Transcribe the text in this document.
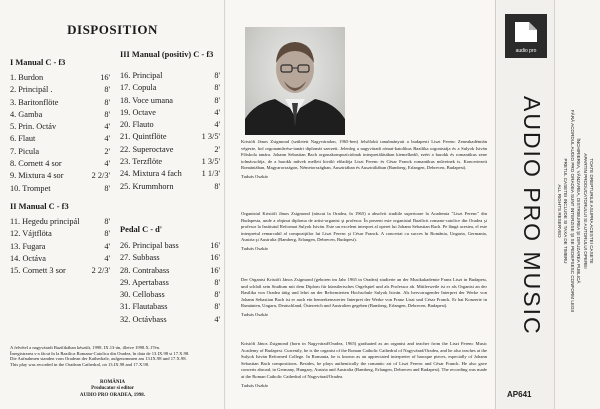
DISPOSITION
I Manual C - f3
1. Burdon	16'
2. Principál .	8'
3. Baritonflöte	8'
4. Gamba	8'
5. Prin. Octáv	4'
6. Flaut	4'
7. Picula	2'
8. Cornett 4 sor	4'
9. Mixtura 4 sor	2 2/3'
10. Trompet	8'
III Manual (positiv) C - f3
16. Principal	8'
17. Copula	8'
18. Voce umana	8'
19. Octave	4'
20. Flauto	4'
21. Quintflöte	1 3/5'
22. Superoctave	2'
23. Terzflöte	1 3/5'
24. Mixtura 4 fach	1 1/3'
25. Krummhorn	8'
II Manual C - f3
11. Hegedu principál	8'
12. Vájtflöta	8'
13. Fugara	4'
14. Octáva	4'
15. Cornett 3 sor	2 2/3'
Pedal C - d'
26. Principal bass	16'
27. Subbass	16'
28. Contrabass	16'
29. Apertabass	8'
30. Cellobass	8'
31. Flautabass	8'
32. Octávbass	4'

A felvétel a nagyváradi Bazilikában készült, 1998. IX.13-án, illetve 1998.X.17én.

Înregistrarea s-a făcut în la Bazilica Romano-Catolica din Oradea, în data de 13.IX.98 si 17.X.98.

Die Aufnahmen standen vom Oradean der Kathedrale, aufgenommen am 13.IX.98 und 17.X.98.

This play was recorded in the Oradean Cathedral, on 13.IX.98 and 17.X.98.

ROMÂNIA
Producator si editor
AUDIO PRO ORADEA, 1998.

Kristófi János Zsigmond (született Nagyváradon, 1965-ben) felsőfokú tanulmányait a budapesti Liszt Ferenc Zeneakadémián végezte, hol orgonaművész-tanári diplomát szerzett. Jelenleg a nagyváradi római-katolikus Bazilika orgonistája és a Sulyok István Főiskola tanára. Johann Sebastian Bach orgonakompozícióinak interpretálásában kiemelkedő, ezért a barokk és romantikus zene tolmácsolója, de a barokk művek mellett kiváló előadója Liszt Ferenc és César Franck romantikus műveinek is. Koncertezett Romániában, Magyarországon, Németországban, Ausztriában és Ausztráliában (Bamberg, Erlangen, Debrecen, Budapest).

Tudsás Oszkár

Organistul Kristófi János Zsigmond (născut la Oradea, în 1965) a absolvit studiile superioare la Academia "Liszt Ferenc" din Budapesta, unde a obţinut diploma de artist-organist şi profesor. În prezent este organistul Bazilicii romano-catolice din Oradea şi profesor la Institutul Reformat Sulyok István. Este un excelent interpret al operei lui Johann Sebastian Bach. Pe lângă acestea, el este interpretul remarcabil al compoziţiilor lui Liszt Ferenc şi César Franck. A concertat cu succes în România, Ungaria, Germania, Austria şi Australia (Bamberg, Erlangen, Debrecen, Budapest).

Tudsás Oszkár

Der Organist Kristófi János Zsigmond (geboren im Jahr 1965 in Oradea) studierte an der Musikakademie Franz Liszt in Budapest, und schloß sein Studium mit dem Diplom für künstlerisches Orgelspiel und als Professor ab. Mittlerweile ist er als Organist an der Basilika von Oradea tätig und lehrt an der Reformierten Hochschule Sulyok István. Als hervorragender Interpret der Werke von Johann Sebastian Bach ist er auch ein bemerkenswerter Interpret der Werke von Franz Liszt und César Franck. Er hat Konzerte in Rumänien, Ungarn, Deutschland, Österreich und Australien gegeben (Bamberg, Erlangen, Debrecen, Budapest).

Tudsás Oszkár

Kristófi János Zsigmond (born in Nagyvárad/Oradea, 1965) graduated as an organist and teacher from the Liszt Ferenc Music Academy of Budapest. Currently, he is the organist of the Roman Catholic Cathedral of Nagyvárad/Oradea, and he also teaches at the Sulyok István Reformed College. In Romania, he is known as an appreciated interpreter of baroque pieces, especially of Johann Sebastian Bach compositions. Besides, he plays authentically the romantic art of Liszt Ferenc and César Franck. He also gave concerts abroad, in Germany, Hungary, Austria and Australia (Bamberg, Erlangen, Debrecen and Budapest). The recording was made at the Roman Catholic Cathedral of Nagyvárad/Oradea.

Tudsás Oszkár

audio pro
AUDIO PRO MUSIC
AP641

TOATE DREPTURILE ASUPRA ACESTEI CASETE

APARTIN PRODUCATORULUI SI AUTORULUI OPEREI

ÎNCHIRIEREA, VÂNZAREA, DISTRIBUIREA ŞI DIFUZAREA PUBLICĂ

FĂRĂ ACORDUL AUDIO PRO ORADEA SUNT INTERZISE ŞI SE PEDEPSESC CONFORM LEGII

PRETUL CASETEI INCLUDE SI TAXA DE TIMBRU

ALL RIGHTS RESERVED
